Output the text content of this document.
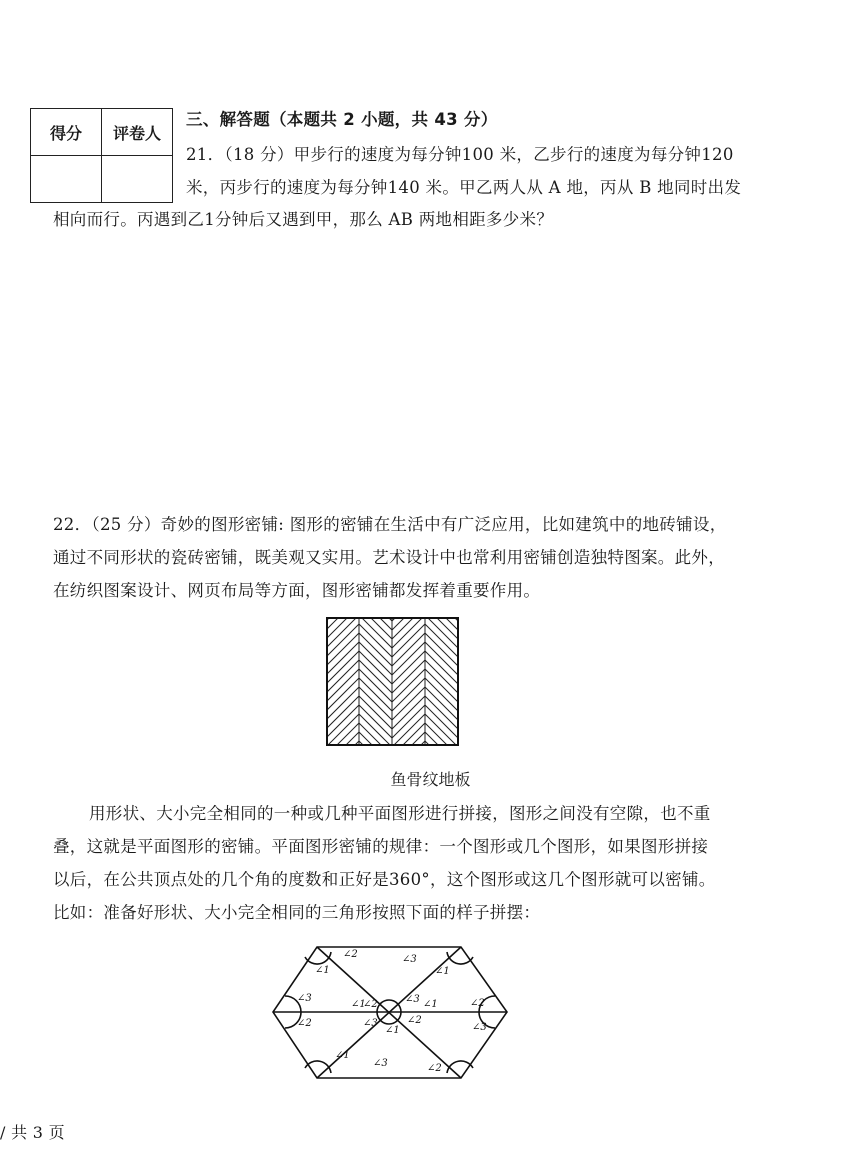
得分	评卷人

三、解答题（本题共 2 小题，共 43 分）
21．（18 分）甲步行的速度为每分钟100 米，乙步行的速度为每分钟120
米，丙步行的速度为每分钟140 米。甲乙两人从 A 地，丙从 B 地同时出发
相向而行。丙遇到乙1分钟后又遇到甲，那么 AB 两地相距多少米？
22．（25 分）奇妙的图形密铺: 图形的密铺在生活中有广泛应用，比如建筑中的地砖铺设，
通过不同形状的瓷砖密铺，既美观又实用。艺术设计中也常利用密铺创造独特图案。此外，
在纺织图案设计、网页布局等方面，图形密铺都发挥着重要作用。
鱼骨纹地板
用形状、大小完全相同的一种或几种平面图形进行拼接，图形之间没有空隙，也不重
叠，这就是平面图形的密铺。平面图形密铺的规律：一个图形或几个图形，如果图形拼接
以后，在公共顶点处的几个角的度数和正好是360°，这个图形或这几个图形就可以密铺。
比如：准备好形状、大小完全相同的三角形按照下面的样子拼摆：
∠2
∠1
∠3
∠1
∠3
∠1
∠2	∠3 ∠1	∠2
∠2	∠3
∠1
∠2
∠3
∠1
∠3	∠2
/ 共 3 页
